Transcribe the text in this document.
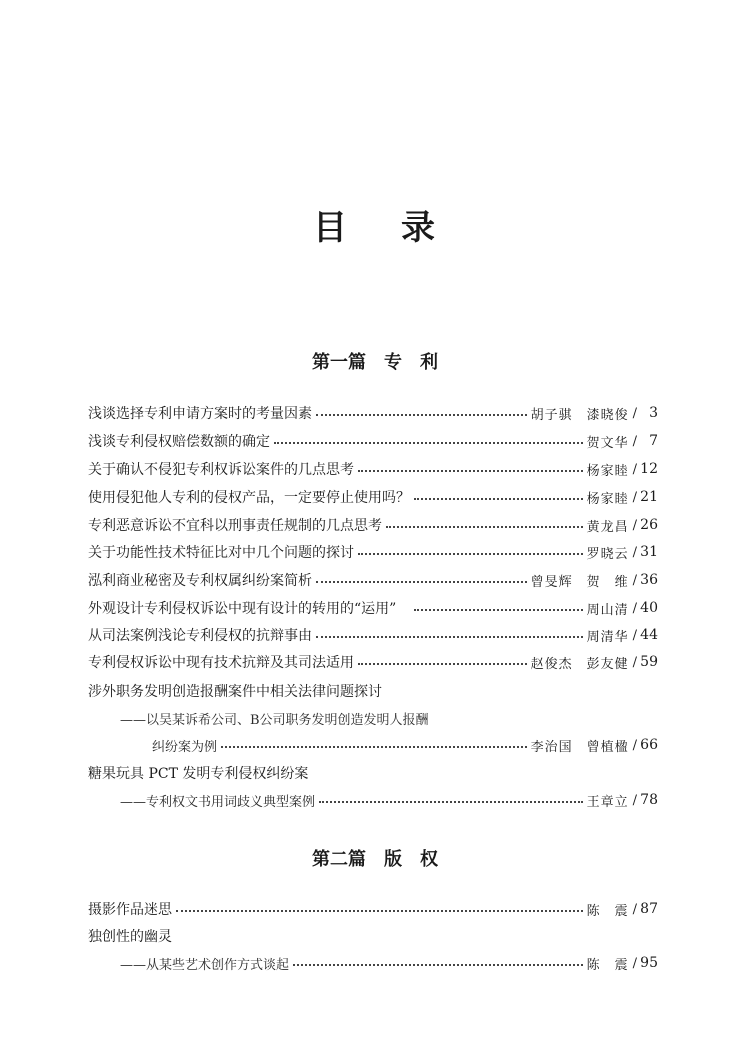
目 录
第一篇 专　利
浅谈选择专利申请方案时的考量因素	胡子骐 漆晓俊 / 3
浅谈专利侵权赔偿数额的确定	贺文华 / 7
关于确认不侵犯专利权诉讼案件的几点思考	杨家睦 / 12
使用侵犯他人专利的侵权产品，一定要停止使用吗？	杨家睦 / 21
专利恶意诉讼不宜科以刑事责任规制的几点思考	黄龙昌 / 26
关于功能性技术特征比对中几个问题的探讨	罗晓云 / 31
泓利商业秘密及专利权属纠纷案简析	曾旻辉 贺　维 / 36
外观设计专利侵权诉讼中现有设计的转用的“运用”	周山清 / 40
从司法案例浅论专利侵权的抗辩事由	周清华 / 44
专利侵权诉讼中现有技术抗辩及其司法适用	赵俊杰 彭友健 / 59
涉外职务发明创造报酬案件中相关法律问题探讨
——以吴某诉希公司、B公司职务发明创造发明人报酬
纠纷案为例	李治国 曾植楹 / 66
糖果玩具 PCT 发明专利侵权纠纷案
——专利权文书用词歧义典型案例	王章立 / 78
第二篇 版　权
摄影作品迷思	陈　震 / 87
独创性的幽灵
——从某些艺术创作方式谈起	陈　震 / 95
